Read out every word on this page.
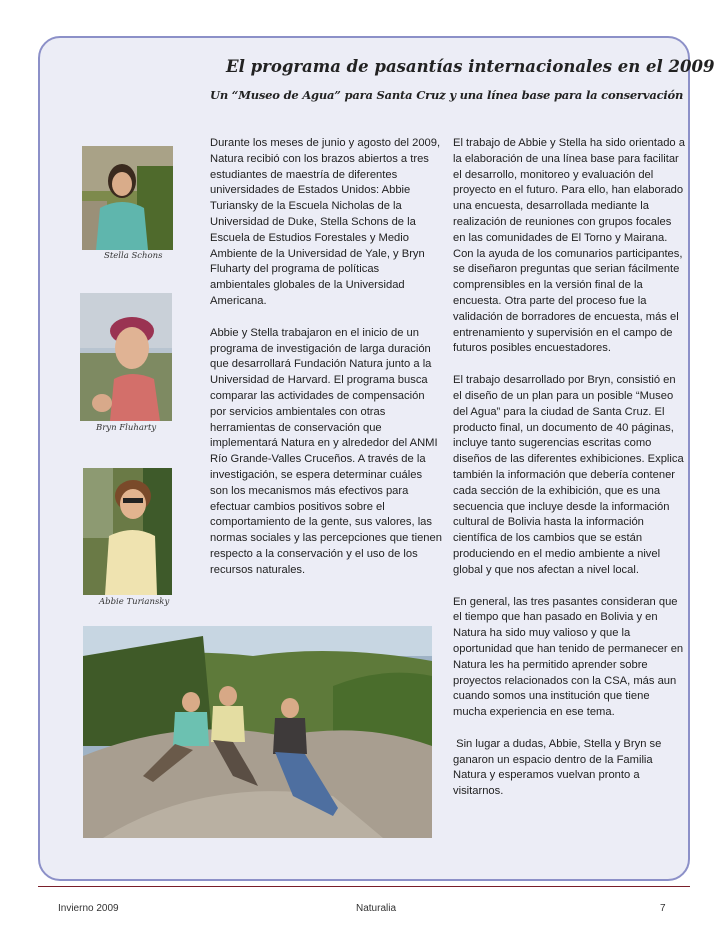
El programa de pasantías internacionales en el 2009
Un “Museo de Agua” para Santa Cruz y una línea base para la conservación
Stella Schons
Bryn Fluharty
Abbie Turiansky

Durante los meses de junio y agosto del 2009, Natura recibió con los brazos abiertos a tres estudiantes de maestría de diferentes universidades de Estados Unidos: Abbie Turiansky de la Escuela Nicholas de la Universidad de Duke, Stella Schons de la Escuela de Estudios Forestales y Medio Ambiente de la Universidad de Yale, y Bryn Fluharty del programa de políticas ambientales globales de la Universidad Americana.

Abbie y Stella trabajaron en el inicio de un programa de investigación de larga duración que desarrollará Fundación Natura junto a la Universidad de Harvard. El programa busca comparar las actividades de compensación por servicios ambientales con otras herramientas de conservación que implementará Natura en y alrededor del ANMI Río Grande-Valles Cruceños. A través de la investigación, se espera determinar cuáles son los mecanismos más efectivos para efectuar cambios positivos sobre el comportamiento de la gente, sus valores, las normas sociales y las percepciones que tienen respecto a la conservación y el uso de los recursos naturales.

El trabajo de Abbie y Stella ha sido orientado a la elaboración de una línea base para facilitar el desarrollo, monitoreo y evaluación del proyecto en el futuro. Para ello, han elaborado una encuesta, desarrollada mediante la realización de reuniones con grupos focales en las comunidades de El Torno y Mairana. Con la ayuda de los comunarios participantes, se diseñaron preguntas que serian fácilmente comprensibles en la versión final de la encuesta. Otra parte del proceso fue la validación de borradores de encuesta, más el entrenamiento y supervisión en el campo de futuros posibles encuestadores.

El trabajo desarrollado por Bryn, consistió en el diseño de un plan para un posible “Museo del Agua” para la ciudad de Santa Cruz. El producto final, un documento de 40 páginas, incluye tanto sugerencias escritas como diseños de las diferentes exhibiciones. Explica también la información que debería contener cada sección de la exhibición, que es una secuencia que incluye desde la información cultural de Bolivia hasta la información científica de los cambios que se están produciendo en el medio ambiente a nivel global y que nos afectan a nivel local.

En general, las tres pasantes consideran que el tiempo que han pasado en Bolivia y en Natura ha sido muy valioso y que la oportunidad que han tenido de permanecer en Natura les ha permitido aprender sobre proyectos relacionados con la CSA, más aun cuando somos una institución que tiene mucha experiencia en ese tema.

Sin lugar a dudas, Abbie, Stella y Bryn se ganaron un espacio dentro de la Familia Natura y esperamos vuelvan pronto a visitarnos.

Invierno 2009	Naturalia	7
